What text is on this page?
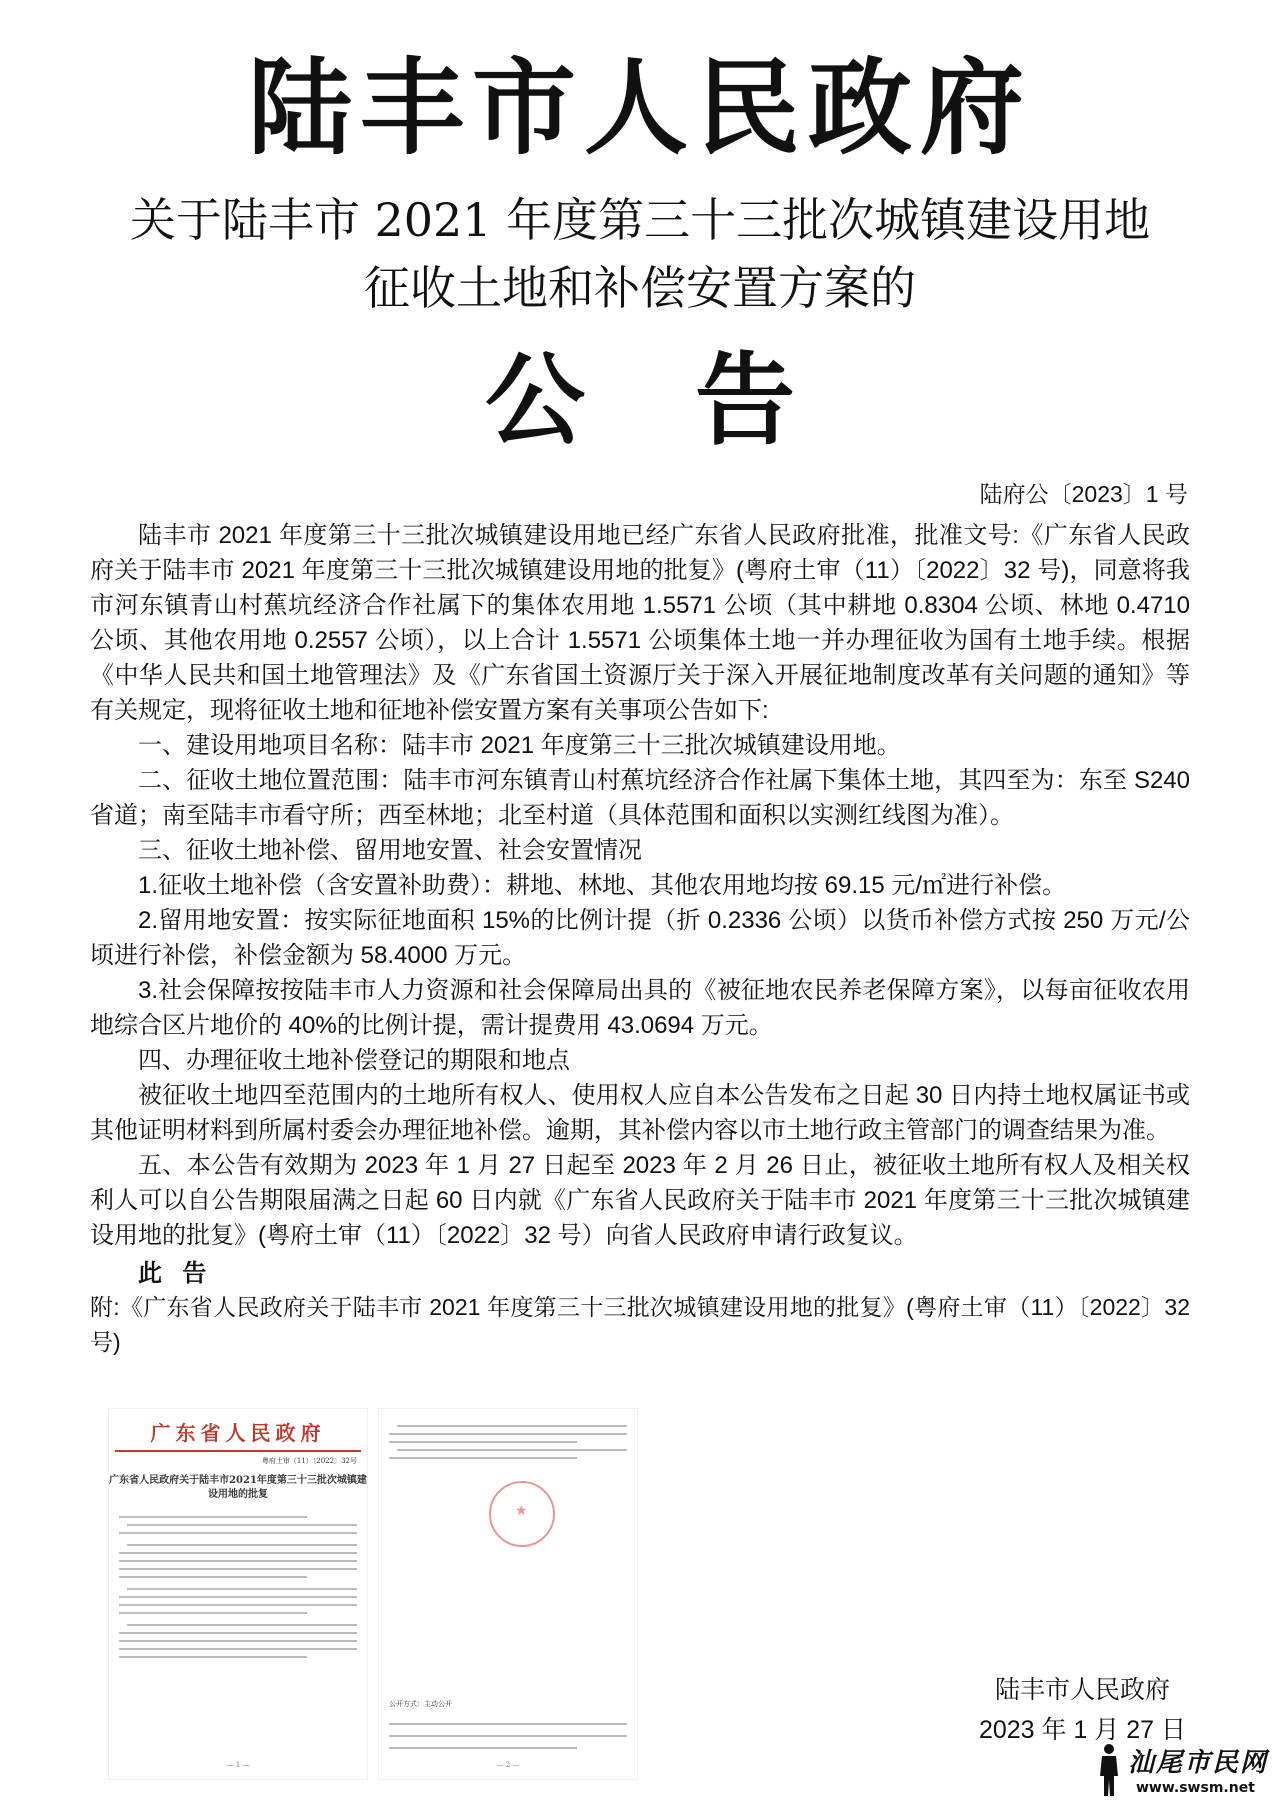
陆丰市人民政府
关于陆丰市 2021 年度第三十三批次城镇建设用地
征收土地和补偿安置方案的
公告
陆府公〔2023〕1 号

陆丰市 2021 年度第三十三批次城镇建设用地已经广东省人民政府批准，批准文号:《广东省人民政府关于陆丰市 2021 年度第三十三批次城镇建设用地的批复》(粤府土审（11）〔2022〕32 号)，同意将我市河东镇青山村蕉坑经济合作社属下的集体农用地 1.5571 公顷（其中耕地 0.8304 公顷、林地 0.4710 公顷、其他农用地 0.2557 公顷），以上合计 1.5571 公顷集体土地一并办理征收为国有土地手续。根据《中华人民共和国土地管理法》及《广东省国土资源厅关于深入开展征地制度改革有关问题的通知》等有关规定，现将征收土地和征地补偿安置方案有关事项公告如下:

一、建设用地项目名称：陆丰市 2021 年度第三十三批次城镇建设用地。

二、征收土地位置范围：陆丰市河东镇青山村蕉坑经济合作社属下集体土地，其四至为：东至 S240 省道；南至陆丰市看守所；西至林地；北至村道（具体范围和面积以实测红线图为准）。

三、征收土地补偿、留用地安置、社会安置情况

1.征收土地补偿（含安置补助费）：耕地、林地、其他农用地均按 69.15 元/㎡进行补偿。

2.留用地安置：按实际征地面积 15%的比例计提（折 0.2336 公顷）以货币补偿方式按 250 万元/公顷进行补偿，补偿金额为 58.4000 万元。

3.社会保障按按陆丰市人力资源和社会保障局出具的《被征地农民养老保障方案》，以每亩征收农用地综合区片地价的 40%的比例计提，需计提费用 43.0694 万元。

四、办理征收土地补偿登记的期限和地点

被征收土地四至范围内的土地所有权人、使用权人应自本公告发布之日起 30 日内持土地权属证书或其他证明材料到所属村委会办理征地补偿。逾期，其补偿内容以市土地行政主管部门的调查结果为准。

五、本公告有效期为 2023 年 1 月 27 日起至 2023 年 2 月 26 日止，被征收土地所有权人及相关权利人可以自公告期限届满之日起 60 日内就《广东省人民政府关于陆丰市 2021 年度第三十三批次城镇建设用地的批复》(粤府土审（11）〔2022〕32 号）向省人民政府申请行政复议。

此 告

附:《广东省人民政府关于陆丰市 2021 年度第三十三批次城镇建设用地的批复》(粤府土审（11）〔2022〕32 号)

广东省人民政府
粤府土审（11）〔2022〕32号
广东省人民政府关于陆丰市2021年度第三十三批次城镇建设用地的批复
— 1 —
★
公开方式：主动公开
— 2 —
陆丰市人民政府
2023 年 1 月 27 日
汕尾市民网
www.swsm.net
